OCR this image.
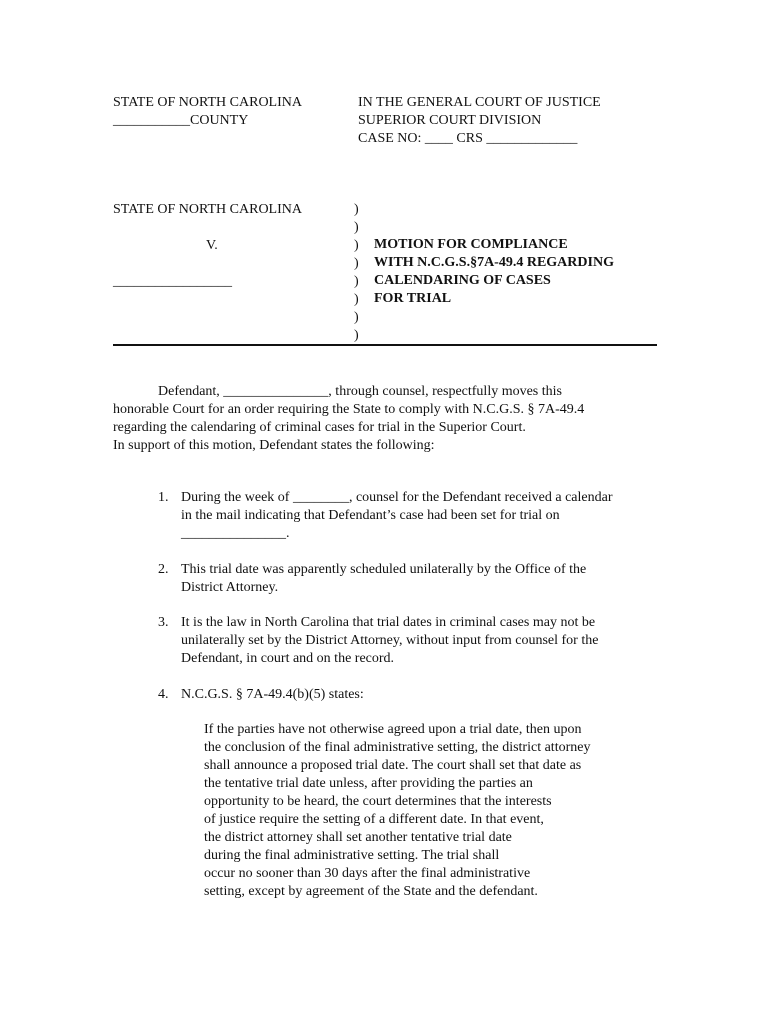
STATE OF NORTH CAROLINA
___________COUNTY
IN THE GENERAL COURT OF JUSTICE
SUPERIOR COURT DIVISION
CASE NO: ____ CRS _____________
STATE OF NORTH CAROLINA
V.
_________________
)
)
)
)
)
)
)
)
MOTION FOR COMPLIANCE
WITH N.C.G.S.§7A-49.4 REGARDING
CALENDARING OF CASES
FOR TRIAL
Defendant, _______________, through counsel, respectfully moves this
honorable Court for an order requiring the State to comply with N.C.G.S. § 7A-49.4
regarding the calendaring of criminal cases for trial in the Superior Court.
In support of this motion, Defendant states the following:
1. During the week of ________, counsel for the Defendant received a calendar
in the mail indicating that Defendant’s case had been set for trial on
_______________.
2. This trial date was apparently scheduled unilaterally by the Office of the
District Attorney.
3. It is the law in North Carolina that trial dates in criminal cases may not be
unilaterally set by the District Attorney, without input from counsel for the
Defendant, in court and on the record.
4. N.C.G.S. § 7A-49.4(b)(5) states:
If the parties have not otherwise agreed upon a trial date, then upon
the conclusion of the final administrative setting, the district attorney
shall announce a proposed trial date. The court shall set that date as
the tentative trial date unless, after providing the parties an
opportunity to be heard, the court determines that the interests
of justice require the setting of a different date. In that event,
the district attorney shall set another tentative trial date
during the final administrative setting. The trial shall
occur no sooner than 30 days after the final administrative
setting, except by agreement of the State and the defendant.
